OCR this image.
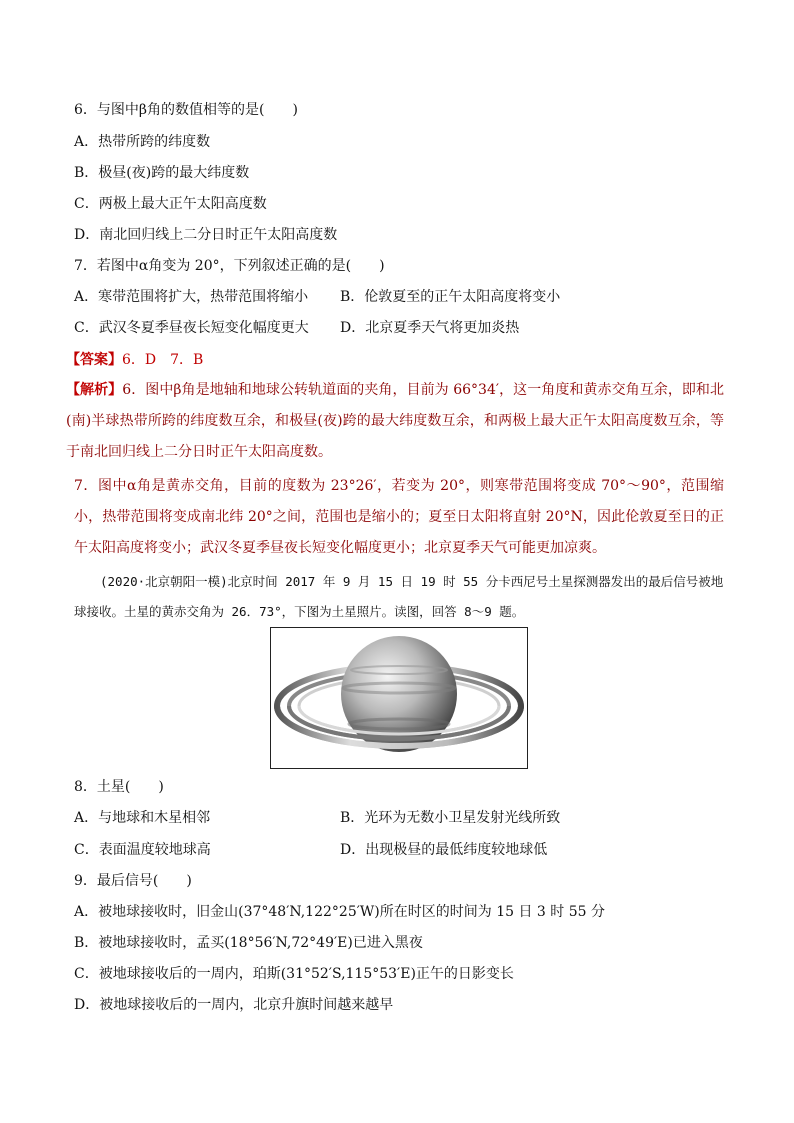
6．与图中β角的数值相等的是(　　)
A．热带所跨的纬度数
B．极昼(夜)跨的最大纬度数
C．两极上最大正午太阳高度数
D．南北回归线上二分日时正午太阳高度数
7．若图中α角变为 20°，下列叙述正确的是(　　)
A．寒带范围将扩大，热带范围将缩小 B．伦敦夏至的正午太阳高度将变小
C．武汉冬夏季昼夜长短变化幅度更大 D．北京夏季天气将更加炎热
【答案】6．D　7．B
【解析】6．图中β角是地轴和地球公转轨道面的夹角，目前为 66°34′，这一角度和黄赤交角互余，即和北(南)半球热带所跨的纬度数互余，和极昼(夜)跨的最大纬度数互余，和两极上最大正午太阳高度数互余，等于南北回归线上二分日时正午太阳高度数。
7．图中α角是黄赤交角，目前的度数为 23°26′，若变为 20°，则寒带范围将变成 70°～90°，范围缩小，热带范围将变成南北纬 20°之间，范围也是缩小的；夏至日太阳将直射 20°N，因此伦敦夏至日的正午太阳高度将变小；武汉冬夏季昼夜长短变化幅度更小；北京夏季天气可能更加凉爽。
(2020·北京朝阳一模)北京时间 2017 年 9 月 15 日 19 时 55 分卡西尼号土星探测器发出的最后信号被地球接收。土星的黄赤交角为 26．73°，下图为土星照片。读图，回答 8～9 题。
8．土星(　　)
A．与地球和木星相邻	B．光环为无数小卫星发射光线所致
C．表面温度较地球高	D．出现极昼的最低纬度较地球低
9．最后信号(　　)
A．被地球接收时，旧金山(37°48′N,122°25′W)所在时区的时间为 15 日 3 时 55 分
B．被地球接收时，孟买(18°56′N,72°49′E)已进入黑夜
C．被地球接收后的一周内，珀斯(31°52′S,115°53′E)正午的日影变长
D．被地球接收后的一周内，北京升旗时间越来越早
